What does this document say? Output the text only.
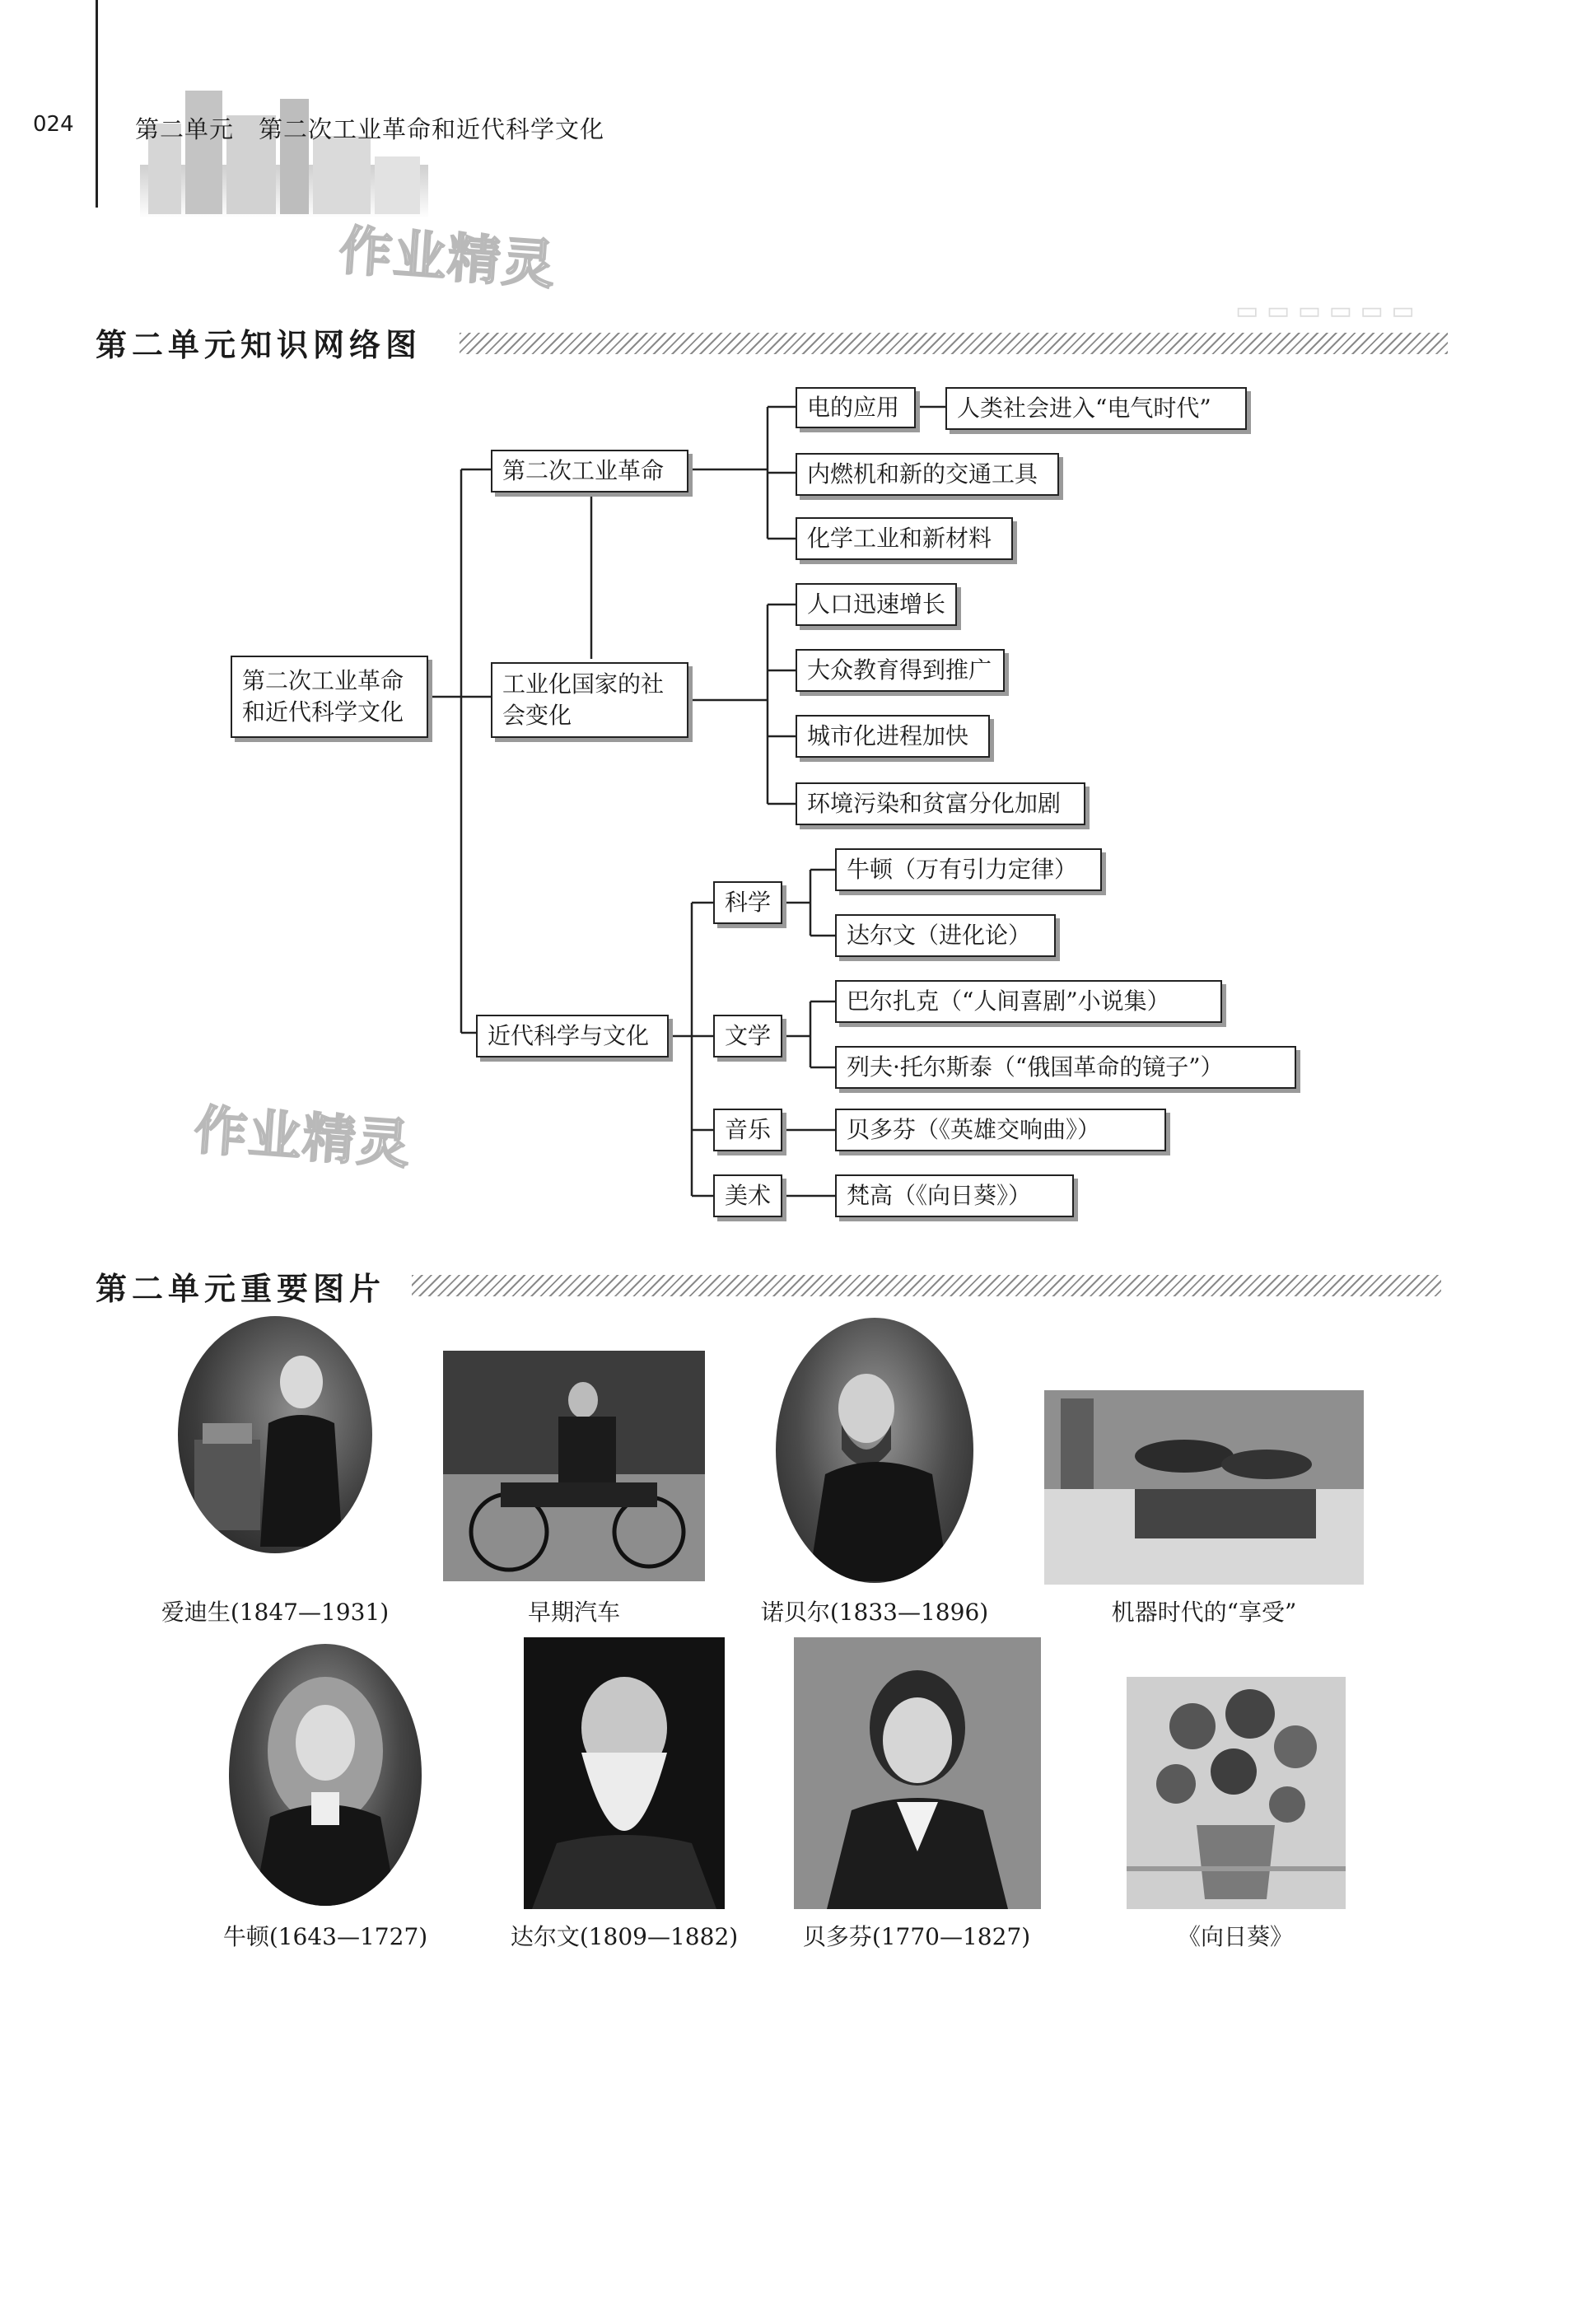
024	第二单元　第二次工业革命和近代科学文化
作业精灵
▭ ▭ ▭ ▭ ▭ ▭
第二单元知识网络图
第二次工业革命和近代科学文化
第二次工业革命
电的应用	人类社会进入“电气时代”
内燃机和新的交通工具
化学工业和新材料
工业化国家的社会变化
人口迅速增长
大众教育得到推广
城市化进程加快
环境污染和贫富分化加剧
近代科学与文化
科学
牛顿（万有引力定律）
达尔文（进化论）
文学
巴尔扎克（“人间喜剧”小说集）
列夫·托尔斯泰（“俄国革命的镜子”）
音乐	贝多芬（《英雄交响曲》）
美术	梵高（《向日葵》）
作业精灵
第二单元重要图片
爱迪生(1847—1931)	早期汽车	诺贝尔(1833—1896)	机器时代的“享受”
牛顿(1643—1727)	达尔文(1809—1882)	贝多芬(1770—1827)	《向日葵》
